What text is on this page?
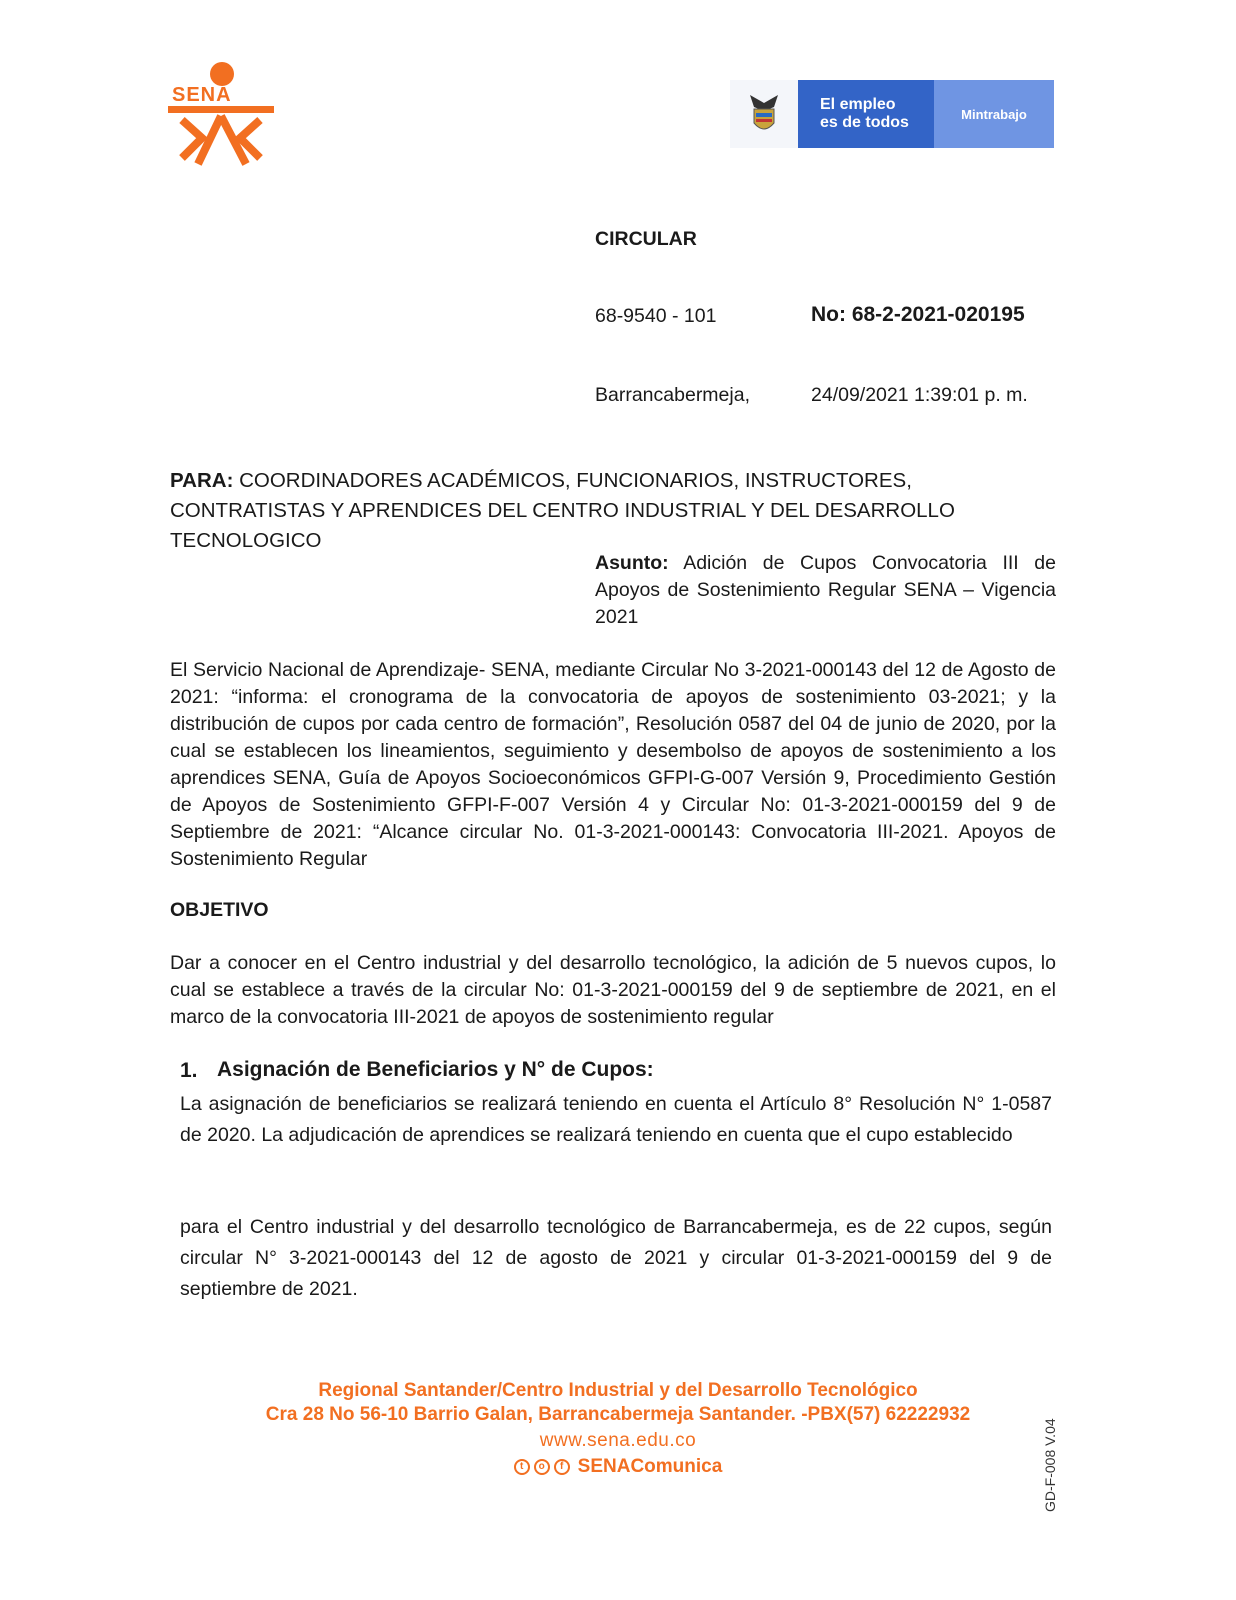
SENA	El empleo
es de todos	Mintrabajo
CIRCULAR
68-9540 - 101	No: 68-2-2021-020195
Barrancabermeja,	24/09/2021 1:39:01 p. m.
PARA: COORDINADORES ACADÉMICOS, FUNCIONARIOS, INSTRUCTORES, CONTRATISTAS Y APRENDICES DEL CENTRO INDUSTRIAL Y DEL DESARROLLO TECNOLOGICO
Asunto: Adición de Cupos Convocatoria III de Apoyos de Sostenimiento Regular SENA – Vigencia 2021
El Servicio Nacional de Aprendizaje- SENA, mediante Circular No 3-2021-000143 del 12 de Agosto de 2021: “informa: el cronograma de la convocatoria de apoyos de sostenimiento 03-2021; y la distribución de cupos por cada centro de formación”, Resolución 0587 del 04 de junio de 2020, por la cual se establecen los lineamientos, seguimiento y desembolso de apoyos de sostenimiento a los aprendices SENA, Guía de Apoyos Socioeconómicos GFPI-G-007 Versión 9, Procedimiento Gestión de Apoyos de Sostenimiento GFPI-F-007 Versión 4 y Circular No: 01-3-2021-000159 del 9 de Septiembre de 2021: “Alcance circular No. 01-3-2021-000143: Convocatoria III-2021. Apoyos de Sostenimiento Regular
OBJETIVO
Dar a conocer en el Centro industrial y del desarrollo tecnológico, la adición de 5 nuevos cupos, lo cual se establece a través de la circular No: 01-3-2021-000159 del 9 de septiembre de 2021, en el marco de la convocatoria III-2021 de apoyos de sostenimiento regular
1. Asignación de Beneficiarios y N° de Cupos:
La asignación de beneficiarios se realizará teniendo en cuenta el Artículo 8° Resolución N° 1-0587 de 2020. La adjudicación de aprendices se realizará teniendo en cuenta que el cupo establecido
para el Centro industrial y del desarrollo tecnológico de Barrancabermeja, es de 22 cupos, según circular N° 3-2021-000143 del 12 de agosto de 2021 y circular 01-3-2021-000159 del 9 de septiembre de 2021.
Regional Santander/Centro Industrial y del Desarrollo Tecnológico
Cra 28 No 56-10 Barrio Galan, Barrancabermeja Santander. -PBX(57) 62222932
www.sena.edu.co
t	o	f SENAComunica	GD-F-008 V.04
